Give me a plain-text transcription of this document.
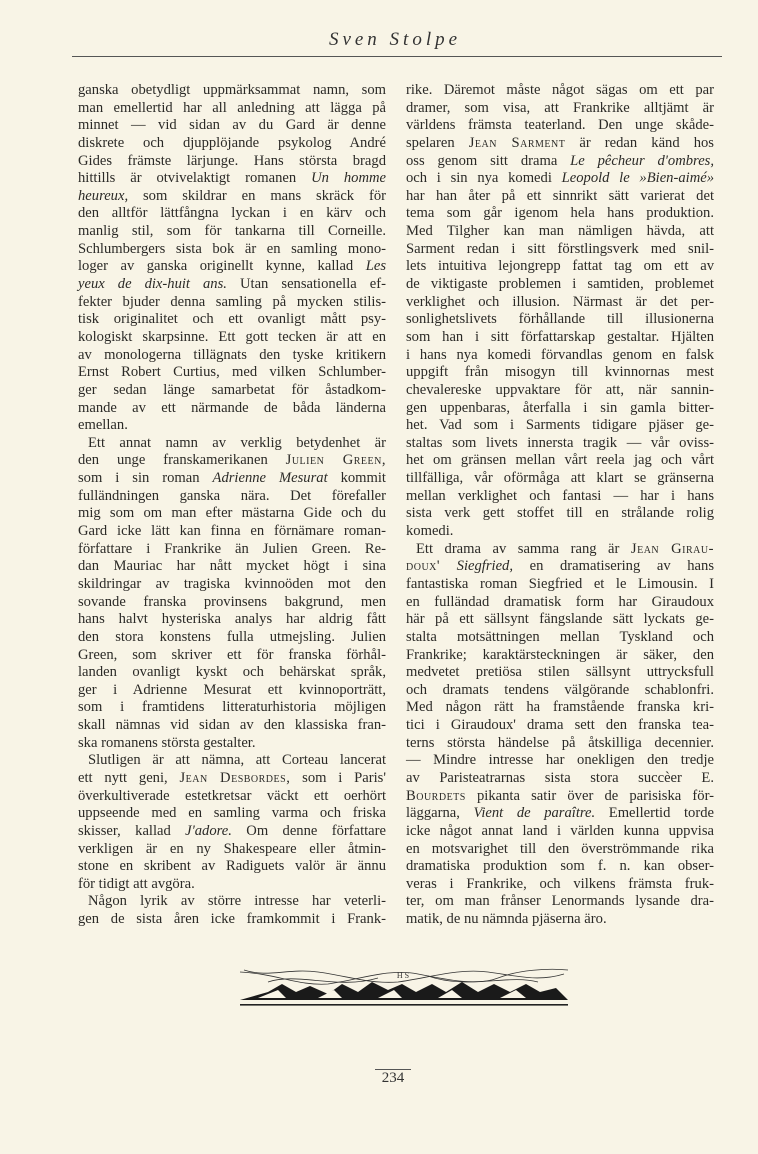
Sven Stolpe
ganska obetydligt uppmärksammat namn, som
man emellertid har all anledning att lägga på
minnet — vid sidan av du Gard är denne
diskrete och djupplöjande psykolog André
Gides främste lärjunge. Hans största bragd
hittills är otvivelaktigt romanen Un homme
heureux, som skildrar en mans skräck för
den alltför lättfångna lyckan i en kärv och
manlig stil, som för tankarna till Corneille.
Schlumbergers sista bok är en samling mono-
loger av ganska originellt kynne, kallad Les
yeux de dix-huit ans. Utan sensationella ef-
fekter bjuder denna samling på mycken stilis-
tisk originalitet och ett ovanligt mått psy-
kologiskt skarpsinne. Ett gott tecken är att en
av monologerna tillägnats den tyske kritikern
Ernst Robert Curtius, med vilken Schlumber-
ger sedan länge samarbetat för åstadkom-
mande av ett närmande de båda länderna
emellan.
Ett annat namn av verklig betydenhet är
den unge franskamerikanen Julien Green,
som i sin roman Adrienne Mesurat kommit
fulländningen ganska nära. Det förefaller
mig som om man efter mästarna Gide och du
Gard icke lätt kan finna en förnämare roman-
författare i Frankrike än Julien Green. Re-
dan Mauriac har nått mycket högt i sina
skildringar av tragiska kvinnoöden mot den
sovande franska provinsens bakgrund, men
hans halvt hysteriska analys har aldrig fått
den stora konstens fulla utmejsling. Julien
Green, som skriver ett för franska förhål-
landen ovanligt kyskt och behärskat språk,
ger i Adrienne Mesurat ett kvinnoporträtt,
som i framtidens litteraturhistoria möjligen
skall nämnas vid sidan av den klassiska fran-
ska romanens största gestalter.
Slutligen är att nämna, att Corteau lancerat
ett nytt geni, Jean Desbordes, som i Paris'
överkultiverade estetkretsar väckt ett oerhört
uppseende med en samling varma och friska
skisser, kallad J'adore. Om denne författare
verkligen är en ny Shakespeare eller åtmin-
stone en skribent av Radiguets valör är ännu
för tidigt att avgöra.
Någon lyrik av större intresse har veterli-
gen de sista åren icke framkommit i Frank-
rike. Däremot måste något sägas om ett par
dramer, som visa, att Frankrike alltjämt är
världens främsta teaterland. Den unge skåde-
spelaren Jean Sarment är redan känd hos
oss genom sitt drama Le pêcheur d'ombres,
och i sin nya komedi Leopold le »Bien-aimé»
har han åter på ett sinnrikt sätt varierat det
tema som går igenom hela hans produktion.
Med Tilgher kan man nämligen hävda, att
Sarment redan i sitt förstlingsverk med snil-
lets intuitiva lejongrepp fattat tag om ett av
de viktigaste problemen i samtiden, problemet
verklighet och illusion. Närmast är det per-
sonlighetslivets förhållande till illusionerna
som han i sitt författarskap gestaltar. Hjälten
i hans nya komedi förvandlas genom en falsk
uppgift från misogyn till kvinnornas mest
chevalereske uppvaktare för att, när sannin-
gen uppenbaras, återfalla i sin gamla bitter-
het. Vad som i Sarments tidigare pjäser ge-
staltas som livets innersta tragik — vår oviss-
het om gränsen mellan vårt reela jag och vårt
tillfälliga, vår oförmåga att klart se gränserna
mellan verklighet och fantasi — har i hans
sista verk gett stoffet till en strålande rolig
komedi.
Ett drama av samma rang är Jean Girau-
doux' Siegfried, en dramatisering av hans
fantastiska roman Siegfried et le Limousin. I
en fulländad dramatisk form har Giraudoux
här på ett sällsynt fängslande sätt lyckats ge-
stalta motsättningen mellan Tyskland och
Frankrike; karaktärsteckningen är säker, den
medvetet pretiösa stilen sällsynt uttrycksfull
och dramats tendens välgörande schablonfri.
Med någon rätt ha framstående franska kri-
tici i Giraudoux' drama sett den franska tea-
terns största händelse på åtskilliga decennier.
— Mindre intresse har onekligen den tredje
av Paristeatrarnas sista stora succèer E.
Bourdets pikanta satir över de parisiska för-
läggarna, Vient de paraître. Emellertid torde
icke något annat land i världen kunna uppvisa
en motsvarighet till den överströmmande rika
dramatiska produktion som f. n. kan obser-
veras i Frankrike, och vilkens främsta fruk-
ter, om man frånser Lenormands lysande dra-
matik, de nu nämnda pjäserna äro.
HS
234
